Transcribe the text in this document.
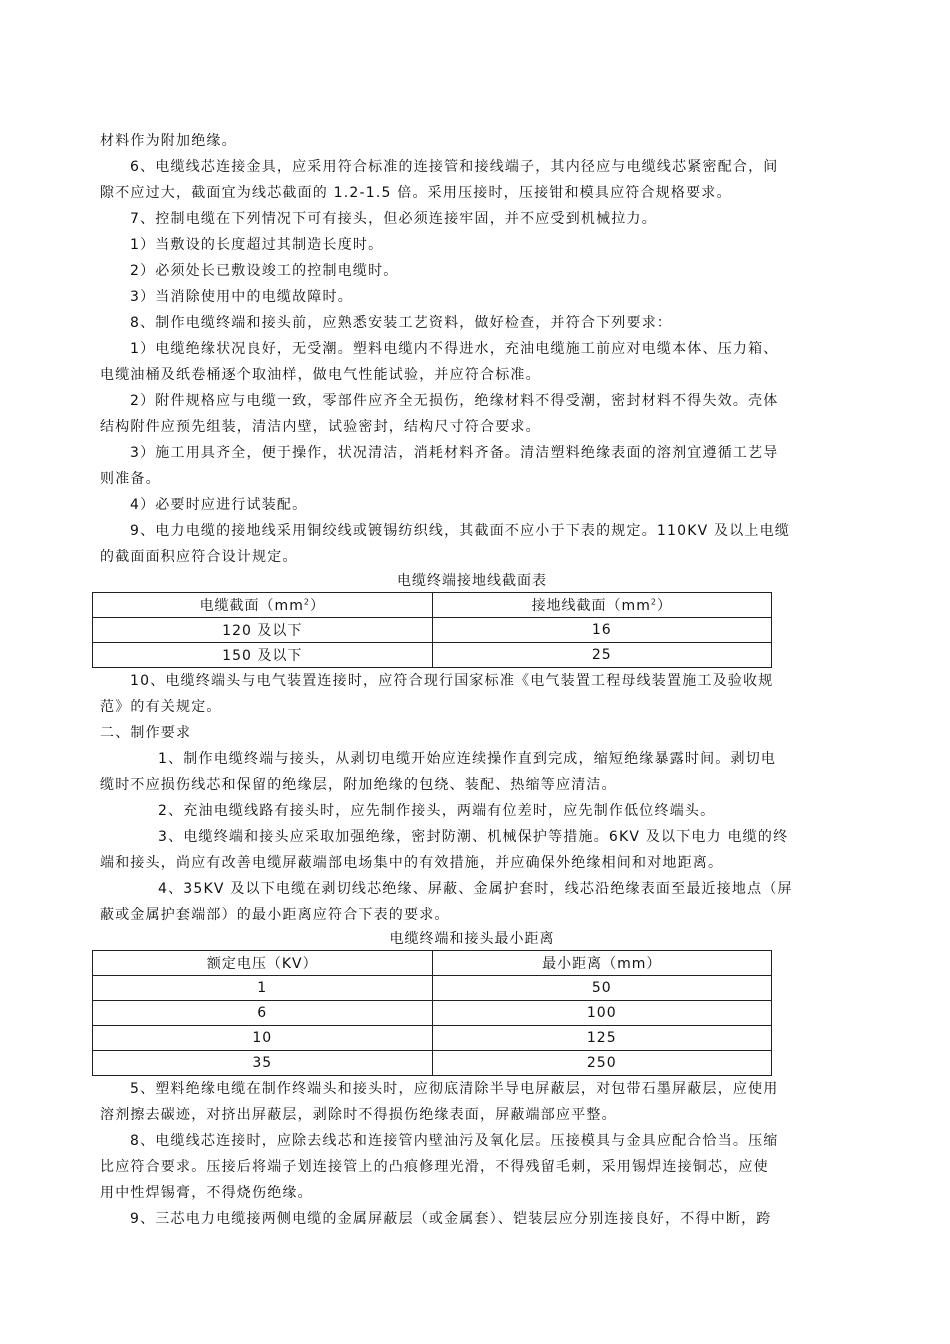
材料作为附加绝缘。
6、电缆线芯连接金具，应采用符合标准的连接管和接线端子，其内径应与电缆线芯紧密配合，间
隙不应过大，截面宜为线芯截面的 1.2-1.5 倍。采用压接时，压接钳和模具应符合规格要求。
7、控制电缆在下列情况下可有接头，但必须连接牢固，并不应受到机械拉力。
1）当敷设的长度超过其制造长度时。
2）必须处长已敷设竣工的控制电缆时。
3）当消除使用中的电缆故障时。
8、制作电缆终端和接头前，应熟悉安装工艺资料，做好检查，并符合下列要求：
1）电缆绝缘状况良好，无受潮。塑料电缆内不得进水，充油电缆施工前应对电缆本体、压力箱、
电缆油桶及纸卷桶逐个取油样，做电气性能试验，并应符合标准。
2）附件规格应与电缆一致，零部件应齐全无损伤，绝缘材料不得受潮，密封材料不得失效。壳体
结构附件应预先组装，清洁内壁，试验密封，结构尺寸符合要求。
3）施工用具齐全，便于操作，状况清洁，消耗材料齐备。清洁塑料绝缘表面的溶剂宜遵循工艺导
则准备。
4）必要时应进行试装配。
9、电力电缆的接地线采用铜绞线或镀锡纺织线，其截面不应小于下表的规定。110KV 及以上电缆
的截面面积应符合设计规定。
电缆终端接地线截面表
电缆截面$(mm^2)$	接地线截面$(mm^2)$
120 及以下	16
150 及以下	25
10、电缆终端头与电气装置连接时，应符合现行国家标准《电气装置工程母线装置施工及验收规
范》的有关规定。
二、制作要求
1、制作电缆终端与接头，从剥切电缆开始应连续操作直到完成，缩短绝缘暴露时间。剥切电
缆时不应损伤线芯和保留的绝缘层，附加绝缘的包绕、装配、热缩等应清洁。
2、充油电缆线路有接头时，应先制作接头，两端有位差时，应先制作低位终端头。
3、电缆终端和接头应采取加强绝缘，密封防潮、机械保护等措施。6KV 及以下电力 电缆的终
端和接头，尚应有改善电缆屏蔽端部电场集中的有效措施，并应确保外绝缘相间和对地距离。
4、35KV 及以下电缆在剥切线芯绝缘、屏蔽、金属护套时，线芯沿绝缘表面至最近接地点（屏
蔽或金属护套端部）的最小距离应符合下表的要求。
电缆终端和接头最小距离
额定电压（KV）	最小距离（mm）
1	50
6	100
10	125
35	250
5、塑料绝缘电缆在制作终端头和接头时，应彻底清除半导电屏蔽层，对包带石墨屏蔽层，应使用
溶剂擦去碳迹，对挤出屏蔽层，剥除时不得损伤绝缘表面，屏蔽端部应平整。
8、电缆线芯连接时，应除去线芯和连接管内壁油污及氧化层。压接模具与金具应配合恰当。压缩
比应符合要求。压接后将端子划连接管上的凸痕修理光滑，不得残留毛刺，采用锡焊连接铜芯，应使
用中性焊锡膏，不得烧伤绝缘。
9、三芯电力电缆接两侧电缆的金属屏蔽层（或金属套）、铠装层应分别连接良好，不得中断，跨
